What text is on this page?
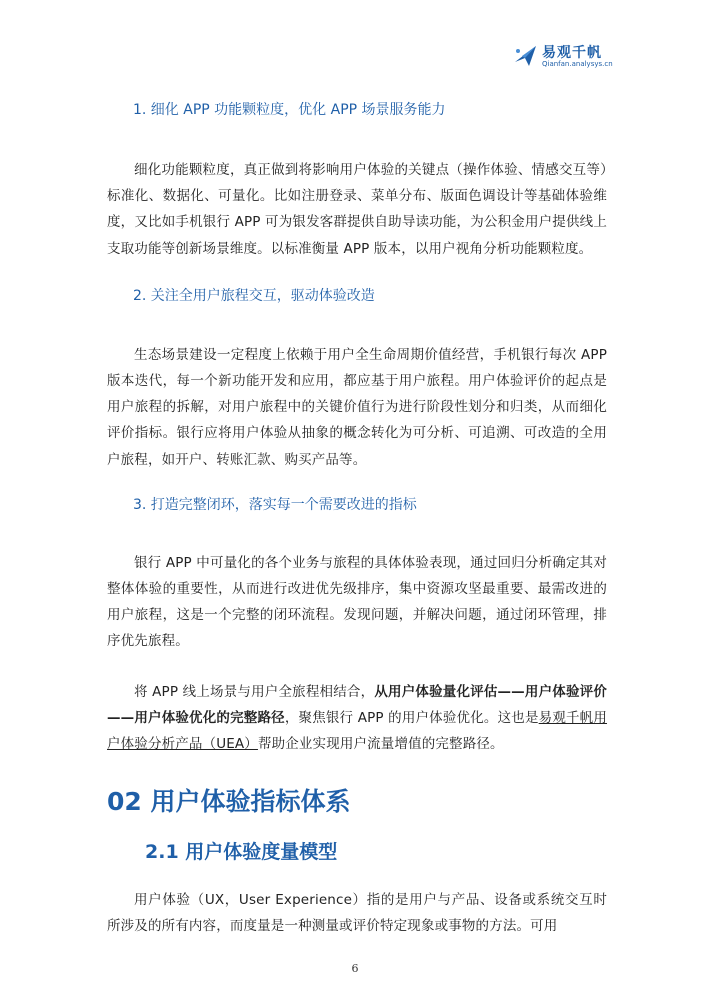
易观千帆
Qianfan.analysys.cn

1. 细化 APP 功能颗粒度，优化 APP 场景服务能力

细化功能颗粒度，真正做到将影响用户体验的关键点（操作体验、情感交互等）标准化、数据化、可量化。比如注册登录、菜单分布、版面色调设计等基础体验维度，又比如手机银行 APP 可为银发客群提供自助导读功能，为公积金用户提供线上支取功能等创新场景维度。以标准衡量 APP 版本，以用户视角分析功能颗粒度。

2. 关注全用户旅程交互，驱动体验改造

生态场景建设一定程度上依赖于用户全生命周期价值经营，手机银行每次 APP 版本迭代，每一个新功能开发和应用，都应基于用户旅程。用户体验评价的起点是用户旅程的拆解，对用户旅程中的关键价值行为进行阶段性划分和归类，从而细化评价指标。银行应将用户体验从抽象的概念转化为可分析、可追溯、可改造的全用户旅程，如开户、转账汇款、购买产品等。

3. 打造完整闭环，落实每一个需要改进的指标

银行 APP 中可量化的各个业务与旅程的具体体验表现，通过回归分析确定其对整体体验的重要性，从而进行改进优先级排序，集中资源攻坚最重要、最需改进的用户旅程，这是一个完整的闭环流程。发现问题，并解决问题，通过闭环管理，排序优先旅程。

将 APP 线上场景与用户全旅程相结合，从用户体验量化评估——用户体验评价——用户体验优化的完整路径，聚焦银行 APP 的用户体验优化。这也是易观千帆用户体验分析产品（UEA）帮助企业实现用户流量增值的完整路径。

02 用户体验指标体系

2.1 用户体验度量模型

用户体验（UX，User Experience）指的是用户与产品、设备或系统交互时所涉及的所有内容，而度量是一种测量或评价特定现象或事物的方法。可用

6
